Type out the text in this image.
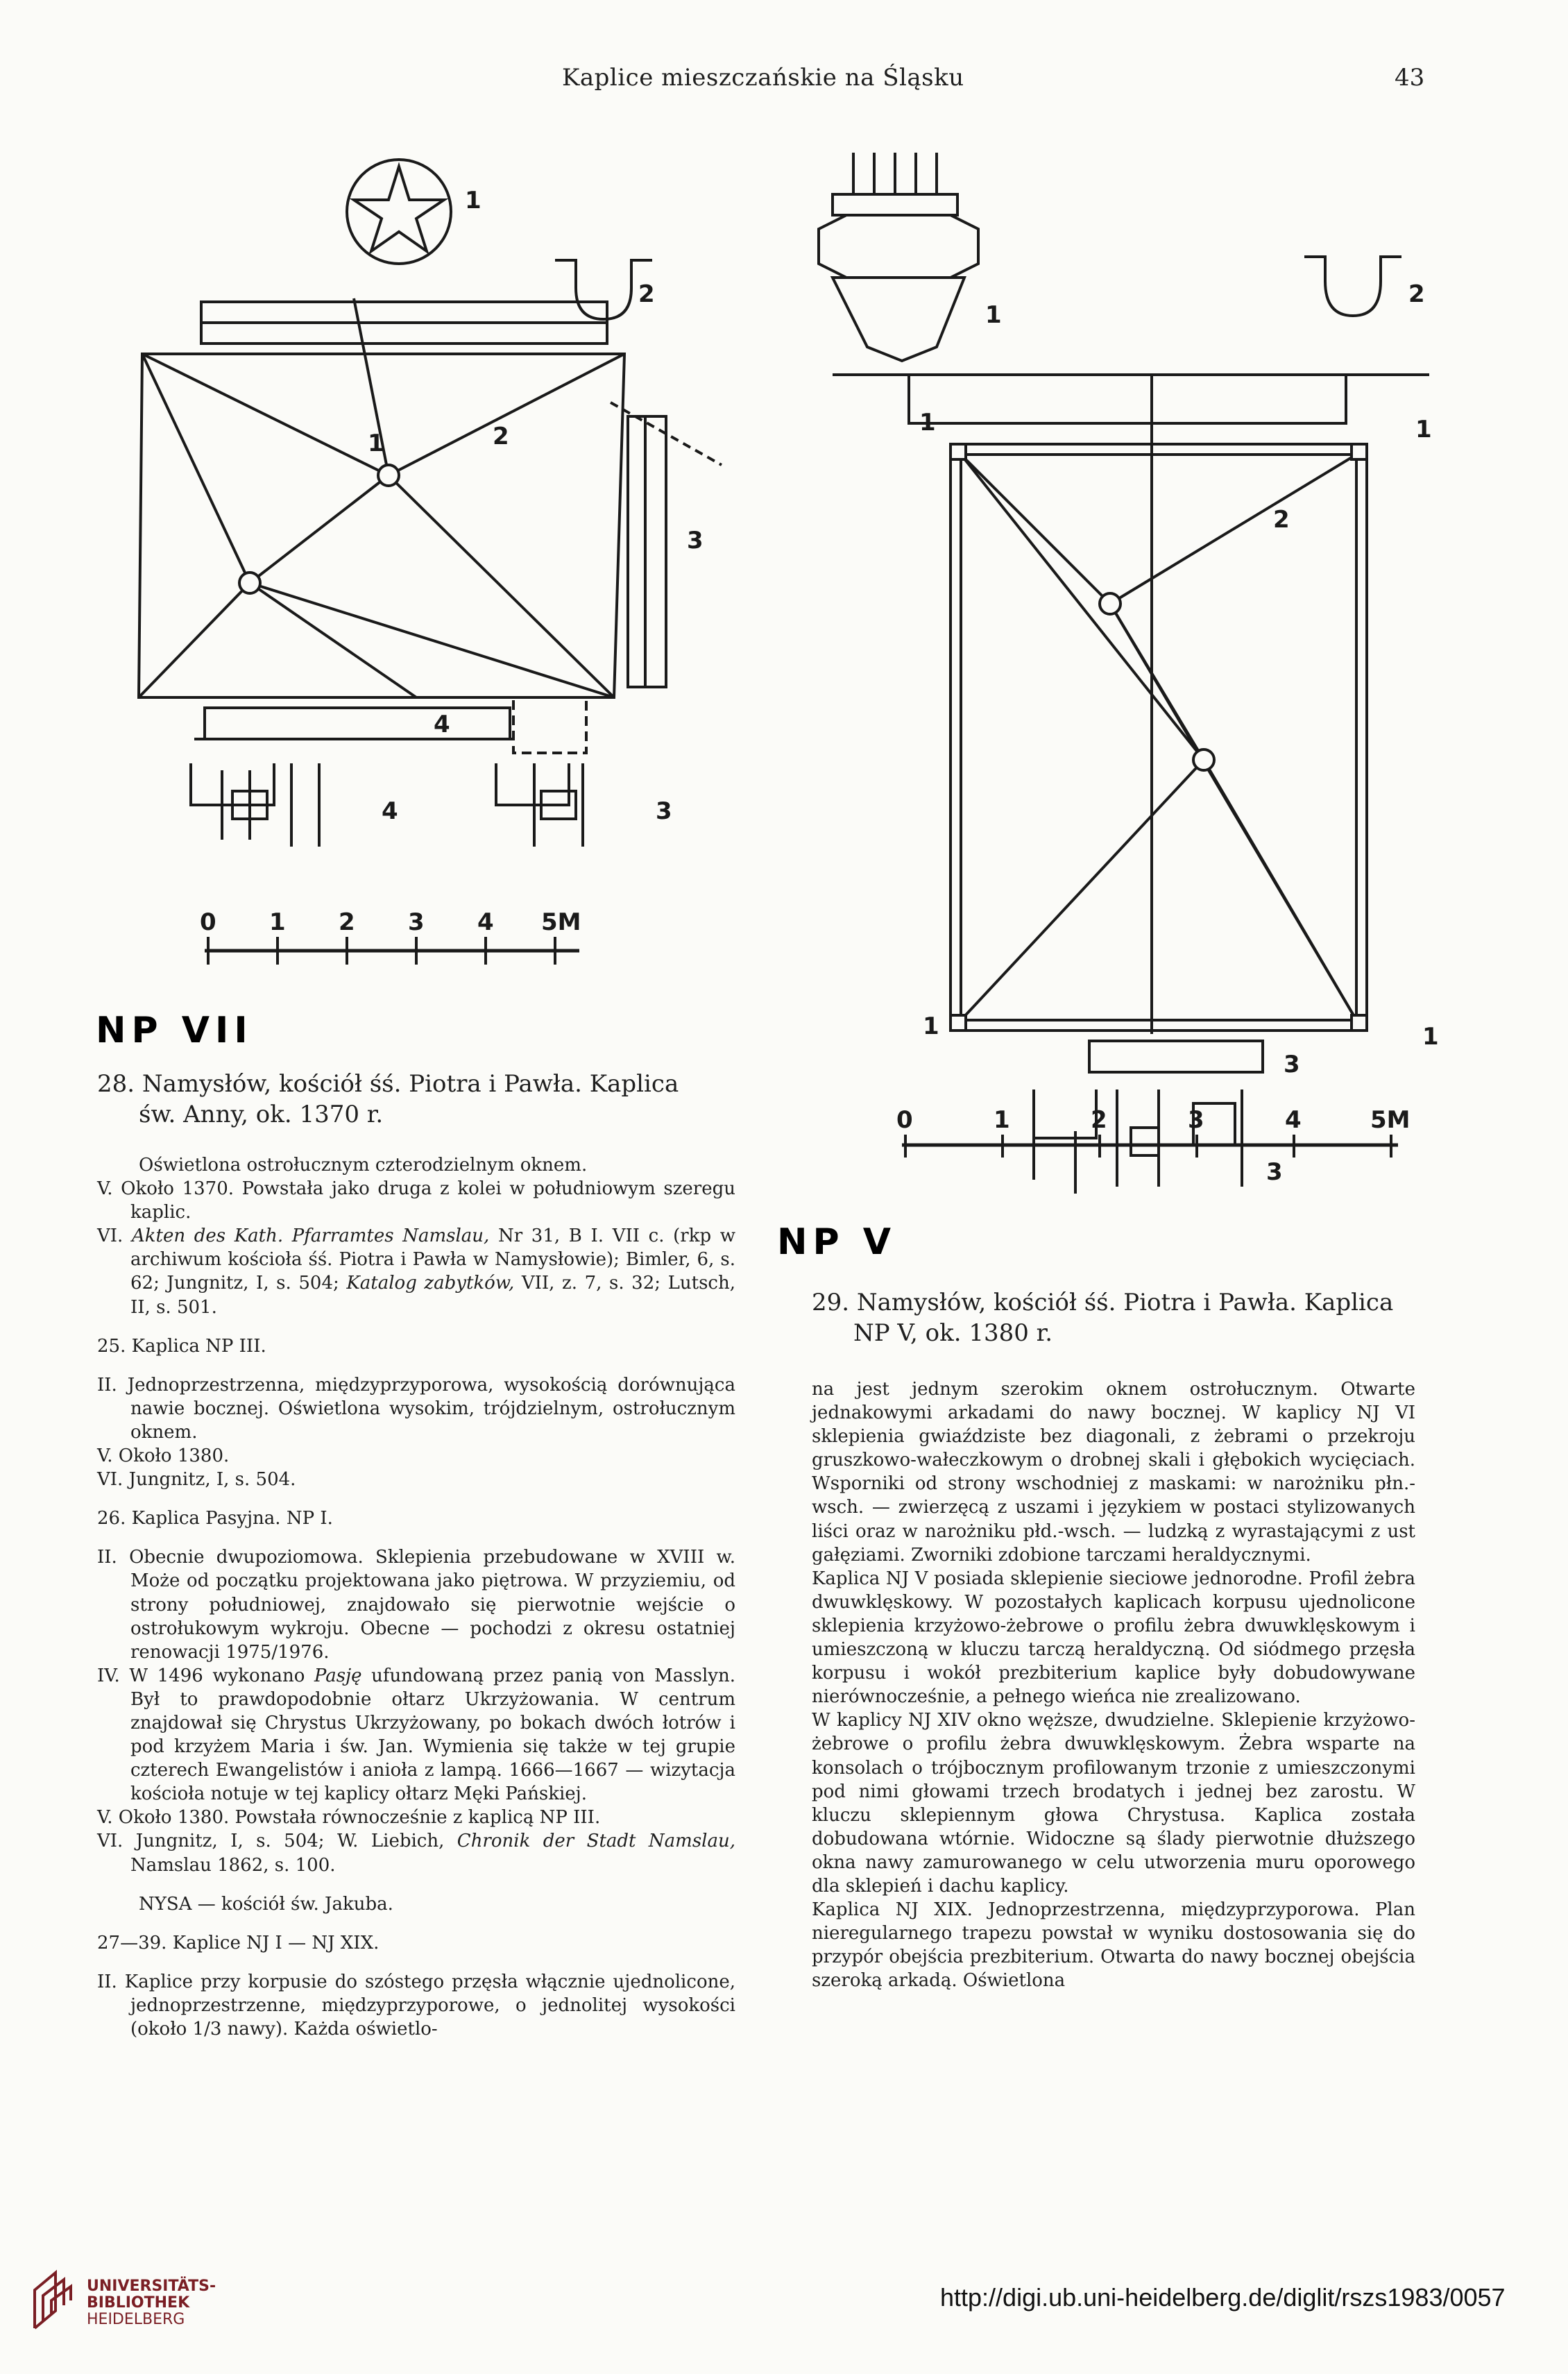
Kaplice mieszczańskie na Śląsku	43
1
2
1	2
3
4
4	3
0 1 2 3 4 5M
NP VII
28. Namysłów, kościół śś. Piotra i Pawła. Kaplica
św. Anny, ok. 1370 r.
1
2
1	1
2
1	1
3
3
0	1	2	3	4	5M
NP V
29. Namysłów, kościół śś. Piotra i Pawła. Kaplica
NP V, ok. 1380 r.

Oświetlona ostrołucznym czterodzielnym oknem.

V. Około 1370. Powstała jako druga z kolei w południowym szeregu kaplic.

VI. Akten des Kath. Pfarramtes Namslau, Nr 31, B I. VII c. (rkp w archiwum kościoła śś. Piotra i Pawła w Namysłowie); Bimler, 6, s. 62; Jungnitz, I, s. 504; Katalog zabytków, VII, z. 7, s. 32; Lutsch, II, s. 501.

25. Kaplica NP III.

II. Jednoprzestrzenna, międzyprzyporowa, wysokością dorównująca nawie bocznej. Oświetlona wysokim, trójdzielnym, ostrołucznym oknem.

V. Około 1380.

VI. Jungnitz, I, s. 504.

26. Kaplica Pasyjna. NP I.

II. Obecnie dwupoziomowa. Sklepienia przebudowane w XVIII w. Może od początku projektowana jako piętrowa. W przyziemiu, od strony południowej, znajdowało się pierwotnie wejście o ostrołukowym wykroju. Obecne — pochodzi z okresu ostatniej renowacji 1975/1976.

IV. W 1496 wykonano Pasję ufundowaną przez panią von Masslyn. Był to prawdopodobnie ołtarz Ukrzyżowania. W centrum znajdował się Chrystus Ukrzyżowany, po bokach dwóch łotrów i pod krzyżem Maria i św. Jan. Wymienia się także w tej grupie czterech Ewangelistów i anioła z lampą. 1666—1667 — wizytacja kościoła notuje w tej kaplicy ołtarz Męki Pańskiej.

V. Około 1380. Powstała równocześnie z kaplicą NP III.

VI. Jungnitz, I, s. 504; W. Liebich, Chronik der Stadt Namslau, Namslau 1862, s. 100.

NYSA — kościół św. Jakuba.

27—39. Kaplice NJ I — NJ XIX.

II. Kaplice przy korpusie do szóstego przęsła włącznie ujednolicone, jednoprzestrzenne, międzyprzyporowe, o jednolitej wysokości (około 1/3 nawy). Każda oświetlo-

na jest jednym szerokim oknem ostrołucznym. Otwarte jednakowymi arkadami do nawy bocznej. W kaplicy NJ VI sklepienia gwiaździste bez diagonali, z żebrami o przekroju gruszkowo-wałeczkowym o drobnej skali i głębokich wycięciach. Wsporniki od strony wschodniej z maskami: w narożniku płn.-wsch. — zwierzęcą z uszami i językiem w postaci stylizowanych liści oraz w narożniku płd.-wsch. — ludzką z wyrastającymi z ust gałęziami. Zworniki zdobione tarczami heraldycznymi.

Kaplica NJ V posiada sklepienie sieciowe jednorodne. Profil żebra dwuwklęskowy. W pozostałych kaplicach korpusu ujednolicone sklepienia krzyżowo-żebrowe o profilu żebra dwuwklęskowym i umieszczoną w kluczu tarczą heraldyczną. Od siódmego przęsła korpusu i wokół prezbiterium kaplice były dobudowywane nierównocześnie, a pełnego wieńca nie zrealizowano.

W kaplicy NJ XIV okno węższe, dwudzielne. Sklepienie krzyżowo-żebrowe o profilu żebra dwuwklęskowym. Żebra wsparte na konsolach o trójbocznym profilowanym trzonie z umieszczonymi pod nimi głowami trzech brodatych i jednej bez zarostu. W kluczu sklepiennym głowa Chrystusa. Kaplica została dobudowana wtórnie. Widoczne są ślady pierwotnie dłuższego okna nawy zamurowanego w celu utworzenia muru oporowego dla sklepień i dachu kaplicy.

Kaplica NJ XIX. Jednoprzestrzenna, międzyprzyporowa. Plan nieregularnego trapezu powstał w wyniku dostosowania się do przypór obejścia prezbiterium. Otwarta do nawy bocznej obejścia szeroką arkadą. Oświetlona

UNIVERSITÄTS-
BIBLIOTHEK
HEIDELBERG
http://digi.ub.uni-heidelberg.de/diglit/rszs1983/0057
